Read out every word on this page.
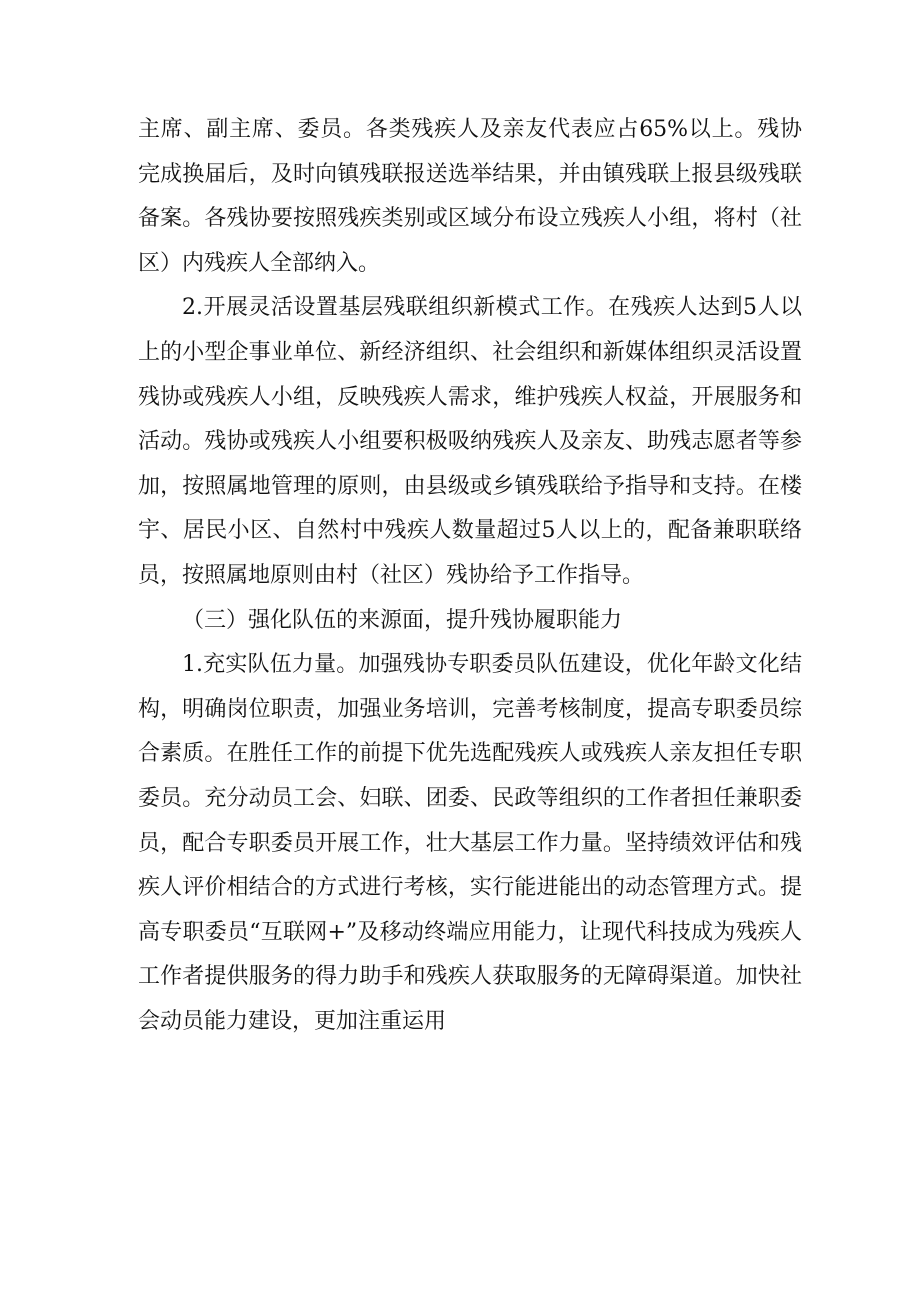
主席、副主席、委员。各类残疾人及亲友代表应占65%以上。残协完成换届后，及时向镇残联报送选举结果，并由镇残联上报县级残联备案。各残协要按照残疾类别或区域分布设立残疾人小组，将村（社区）内残疾人全部纳入。

2.开展灵活设置基层残联组织新模式工作。在残疾人达到5人以上的小型企事业单位、新经济组织、社会组织和新媒体组织灵活设置残协或残疾人小组，反映残疾人需求，维护残疾人权益，开展服务和活动。残协或残疾人小组要积极吸纳残疾人及亲友、助残志愿者等参加，按照属地管理的原则，由县级或乡镇残联给予指导和支持。在楼宇、居民小区、自然村中残疾人数量超过5人以上的，配备兼职联络员，按照属地原则由村（社区）残协给予工作指导。

（三）强化队伍的来源面，提升残协履职能力

1.充实队伍力量。加强残协专职委员队伍建设，优化年龄文化结构，明确岗位职责，加强业务培训，完善考核制度，提高专职委员综合素质。在胜任工作的前提下优先选配残疾人或残疾人亲友担任专职委员。充分动员工会、妇联、团委、民政等组织的工作者担任兼职委员，配合专职委员开展工作，壮大基层工作力量。坚持绩效评估和残疾人评价相结合的方式进行考核，实行能进能出的动态管理方式。提高专职委员“互联网+”及移动终端应用能力，让现代科技成为残疾人工作者提供服务的得力助手和残疾人获取服务的无障碍渠道。加快社会动员能力建设，更加注重运用
